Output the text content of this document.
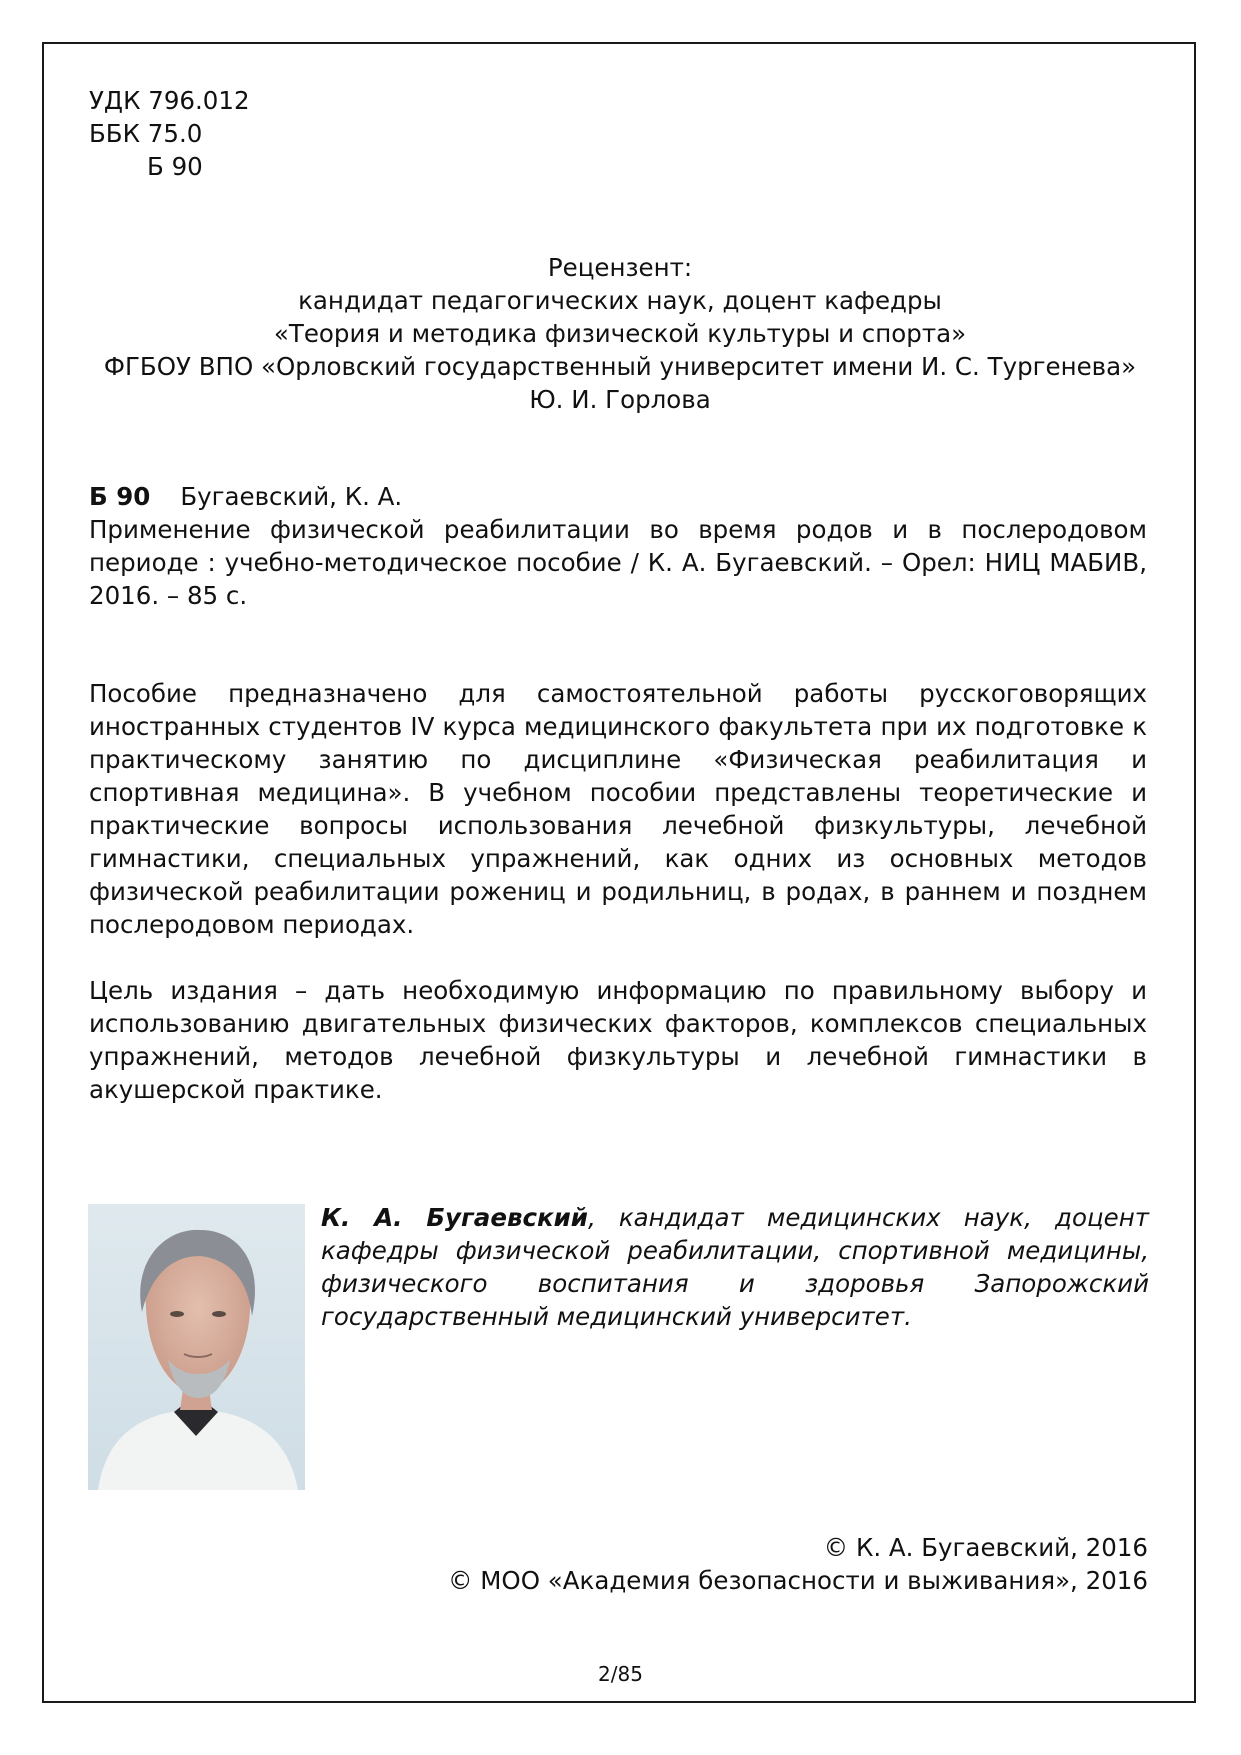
УДК 796.012
ББК 75.0
Б 90
Рецензент:
кандидат педагогических наук, доцент кафедры
«Теория и методика физической культуры и спорта»
ФГБОУ ВПО «Орловский государственный университет имени И. С. Тургенева»
Ю. И. Горлова
Б 90 Бугаевский, К. А.
Применение физической реабилитации во время родов и в послеродовом периоде : учебно-методическое пособие / К. А. Бугаевский. – Орел: НИЦ МАБИВ, 2016. – 85 с.

Пособие предназначено для самостоятельной работы русскоговорящих иностранных студентов IV курса медицинского факультета при их подготовке к практическому занятию по дисциплине «Физическая реабилитация и спортивная медицина». В учебном пособии представлены теоретические и практические вопросы использования лечебной физкультуры, лечебной гимнастики, специальных упражнений, как одних из основных методов физической реабилитации рожениц и родильниц, в родах, в раннем и позднем послеродовом периодах.

Цель издания – дать необходимую информацию по правильному выбору и использованию двигательных физических факторов, комплексов специальных упражнений, методов лечебной физкультуры и лечебной гимнастики в акушерской практике.

К. А. Бугаевский, кандидат медицинских наук, доцент кафедры физической реабилитации, спортивной медицины, физического воспитания и здоровья Запорожский государственный медицинский университет.
© К. А. Бугаевский, 2016
© МОО «Академия безопасности и выживания», 2016
2/85
